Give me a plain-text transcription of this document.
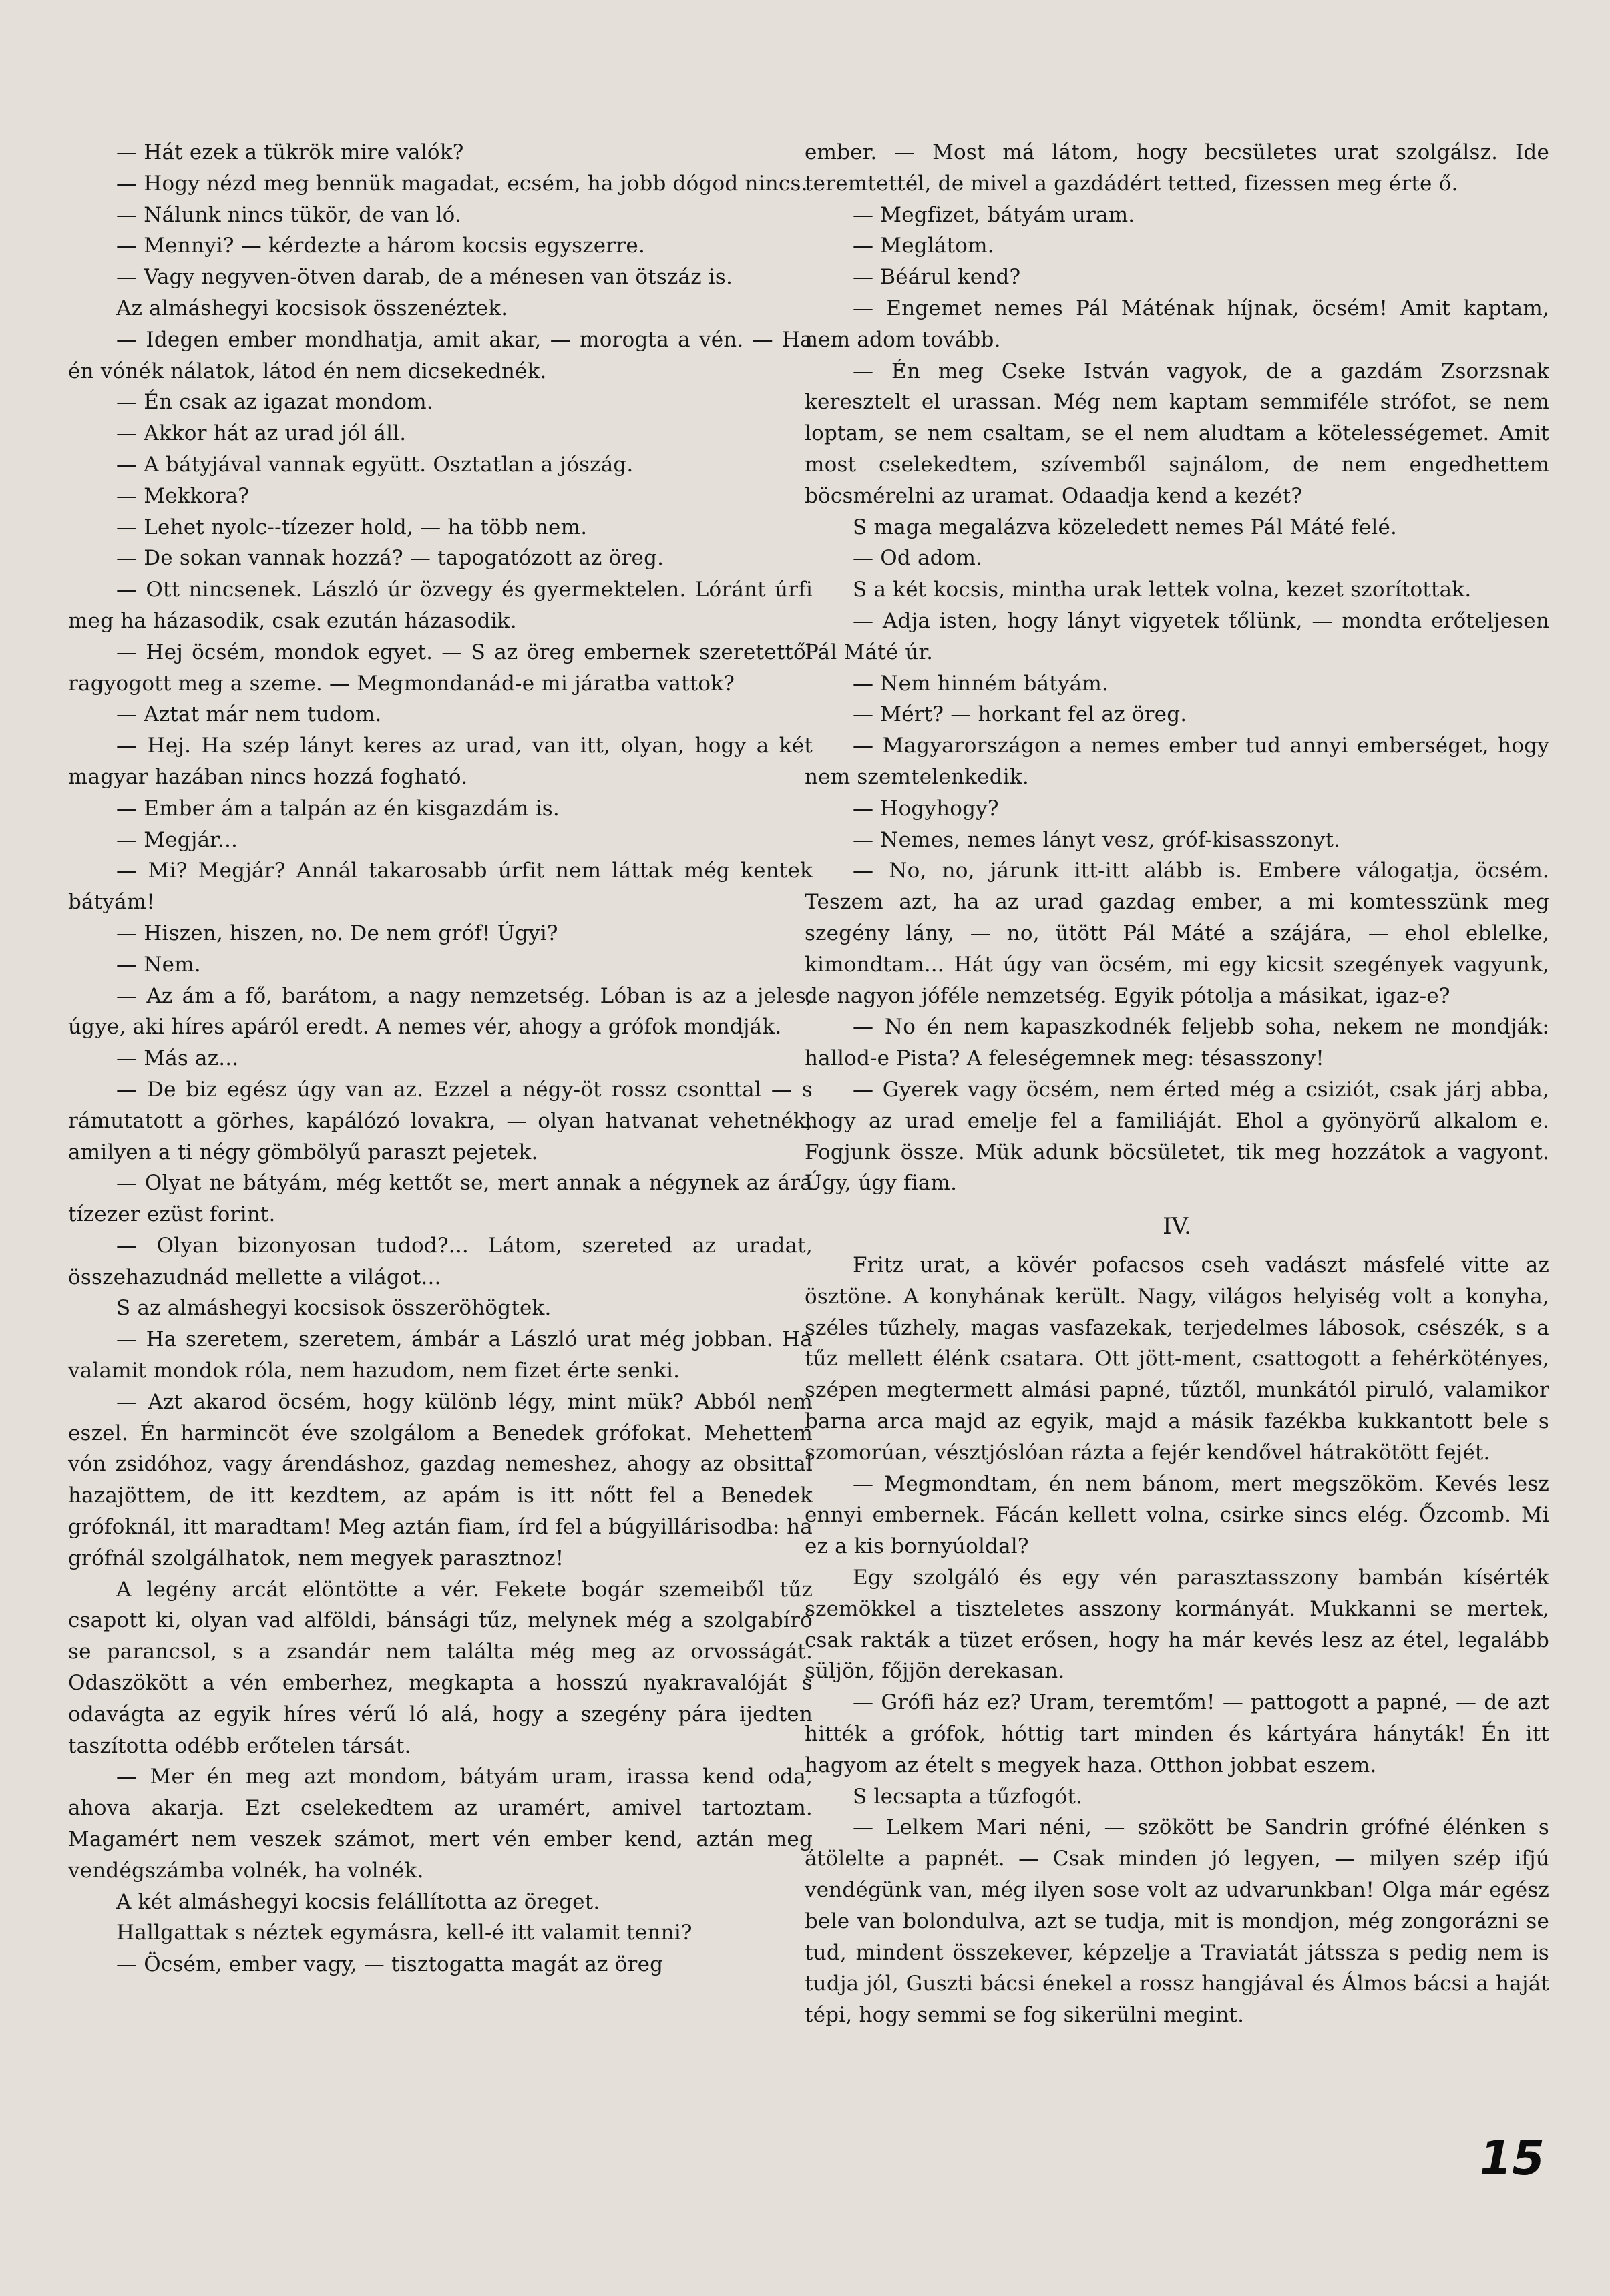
— Hát ezek a tükrök mire valók?

— Hogy nézd meg bennük magadat, ecsém, ha jobb dógod nincs.

— Nálunk nincs tükör, de van ló.

— Mennyi? — kérdezte a három kocsis egyszerre.

— Vagy negyven-ötven darab, de a ménesen van ötszáz is.

Az almáshegyi kocsisok összenéztek.

— Idegen ember mondhatja, amit akar, — morogta a vén. — Ha én vónék nálatok, látod én nem dicsekednék.

— Én csak az igazat mondom.

— Akkor hát az urad jól áll.

— A bátyjával vannak együtt. Osztatlan a jószág.

— Mekkora?

— Lehet nyolc--tízezer hold, — ha több nem.

— De sokan vannak hozzá? — tapogatózott az öreg.

— Ott nincsenek. László úr özvegy és gyermektelen. Lóránt úrfi meg ha házasodik, csak ezután házasodik.

— Hej öcsém, mondok egyet. — S az öreg embernek szeretettől ragyogott meg a szeme. — Megmondanád-e mi járatba vattok?

— Aztat már nem tudom.

— Hej. Ha szép lányt keres az urad, van itt, olyan, hogy a két magyar hazában nincs hozzá fogható.

— Ember ám a talpán az én kisgazdám is.

— Megjár...

— Mi? Megjár? Annál takarosabb úrfit nem láttak még kentek bátyám!

— Hiszen, hiszen, no. De nem gróf! Úgyi?

— Nem.

— Az ám a fő, barátom, a nagy nemzetség. Lóban is az a jeles, úgye, aki híres apáról eredt. A nemes vér, ahogy a grófok mondják.

— Más az...

— De biz egész úgy van az. Ezzel a négy-öt rossz csonttal — s rámutatott a görhes, kapálózó lovakra, — olyan hatvanat vehetnék, amilyen a ti négy gömbölyű paraszt pejetek.

— Olyat ne bátyám, még kettőt se, mert annak a négynek az ára tízezer ezüst forint.

— Olyan bizonyosan tudod?... Látom, szereted az uradat, összehazudnád mellette a világot...

S az almáshegyi kocsisok összeröhögtek.

— Ha szeretem, szeretem, ámbár a László urat még jobban. Ha valamit mondok róla, nem hazudom, nem fizet érte senki.

— Azt akarod öcsém, hogy különb légy, mint mük? Abból nem eszel. Én harmincöt éve szolgálom a Benedek grófokat. Mehettem vón zsidóhoz, vagy árendáshoz, gazdag nemeshez, ahogy az obsittal hazajöttem, de itt kezdtem, az apám is itt nőtt fel a Benedek grófoknál, itt maradtam! Meg aztán fiam, írd fel a búgyillárisodba: ha grófnál szolgálhatok, nem megyek parasztnoz!

A legény arcát elöntötte a vér. Fekete bogár szemeiből tűz csapott ki, olyan vad alföldi, bánsági tűz, melynek még a szolgabíró se parancsol, s a zsandár nem találta még meg az orvosságát. Odaszökött a vén emberhez, megkapta a hosszú nyakravalóját s odavágta az egyik híres vérű ló alá, hogy a szegény pára ijedten taszította odébb erőtelen társát.

— Mer én meg azt mondom, bátyám uram, irassa kend oda, ahova akarja. Ezt cselekedtem az uramért, amivel tartoztam. Magamért nem veszek számot, mert vén ember kend, aztán meg vendégszámba volnék, ha volnék.

A két almáshegyi kocsis felállította az öreget.

Hallgattak s néztek egymásra, kell-é itt valamit tenni?

— Öcsém, ember vagy, — tisztogatta magát az öreg

ember. — Most má látom, hogy becsületes urat szolgálsz. Ide teremtettél, de mivel a gazdádért tetted, fizessen meg érte ő.

— Megfizet, bátyám uram.

— Meglátom.

— Béárul kend?

— Engemet nemes Pál Máténak híjnak, öcsém! Amit kaptam, nem adom tovább.

— Én meg Cseke István vagyok, de a gazdám Zsorzsnak keresztelt el urassan. Még nem kaptam semmiféle strófot, se nem loptam, se nem csaltam, se el nem aludtam a kötelességemet. Amit most cselekedtem, szívemből sajnálom, de nem engedhettem böcsmérelni az uramat. Odaadja kend a kezét?

S maga megalázva közeledett nemes Pál Máté felé.

— Od adom.

S a két kocsis, mintha urak lettek volna, kezet szorítottak.

— Adja isten, hogy lányt vigyetek tőlünk, — mondta erőteljesen Pál Máté úr.

— Nem hinném bátyám.

— Mért? — horkant fel az öreg.

— Magyarországon a nemes ember tud annyi emberséget, hogy nem szemtelenkedik.

— Hogyhogy?

— Nemes, nemes lányt vesz, gróf-kisasszonyt.

— No, no, járunk itt-itt alább is. Embere válogatja, öcsém. Teszem azt, ha az urad gazdag ember, a mi komtesszünk meg szegény lány, — no, ütött Pál Máté a szájára, — ehol eblelke, kimondtam... Hát úgy van öcsém, mi egy kicsit szegények vagyunk, de nagyon jóféle nemzetség. Egyik pótolja a másikat, igaz-e?

— No én nem kapaszkodnék feljebb soha, nekem ne mondják: hallod-e Pista? A feleségemnek meg: tésasszony!

— Gyerek vagy öcsém, nem érted még a csiziót, csak járj abba, hogy az urad emelje fel a familiáját. Ehol a gyönyörű alkalom e. Fogjunk össze. Mük adunk böcsületet, tik meg hozzátok a vagyont. Úgy, úgy fiam.

IV.

Fritz urat, a kövér pofacsos cseh vadászt másfelé vitte az ösztöne. A konyhának került. Nagy, világos helyiség volt a konyha, széles tűzhely, magas vasfazekak, terjedelmes lábosok, csészék, s a tűz mellett élénk csatara. Ott jött-ment, csattogott a fehérkötényes, szépen megtermett almási papné, tűztől, munkától piruló, valamikor barna arca majd az egyik, majd a másik fazékba kukkantott bele s szomorúan, vésztjóslóan rázta a fejér kendővel hátrakötött fejét.

— Megmondtam, én nem bánom, mert megszököm. Kevés lesz ennyi embernek. Fácán kellett volna, csirke sincs elég. Őzcomb. Mi ez a kis bornyúoldal?

Egy szolgáló és egy vén parasztasszony bambán kísérték szemökkel a tiszteletes asszony kormányát. Mukkanni se mertek, csak rakták a tüzet erősen, hogy ha már kevés lesz az étel, legalább süljön, főjjön derekasan.

— Grófi ház ez? Uram, teremtőm! — pattogott a papné, — de azt hitték a grófok, hóttig tart minden és kártyára hányták! Én itt hagyom az ételt s megyek haza. Otthon jobbat eszem.

S lecsapta a tűzfogót.

— Lelkem Mari néni, — szökött be Sandrin grófné élénken s átölelte a papnét. — Csak minden jó legyen, — milyen szép ifjú vendégünk van, még ilyen sose volt az udvarunkban! Olga már egész bele van bolondulva, azt se tudja, mit is mondjon, még zongorázni se tud, mindent összekever, képzelje a Traviatát játssza s pedig nem is tudja jól, Guszti bácsi énekel a rossz hangjával és Álmos bácsi a haját tépi, hogy semmi se fog sikerülni megint.

15
